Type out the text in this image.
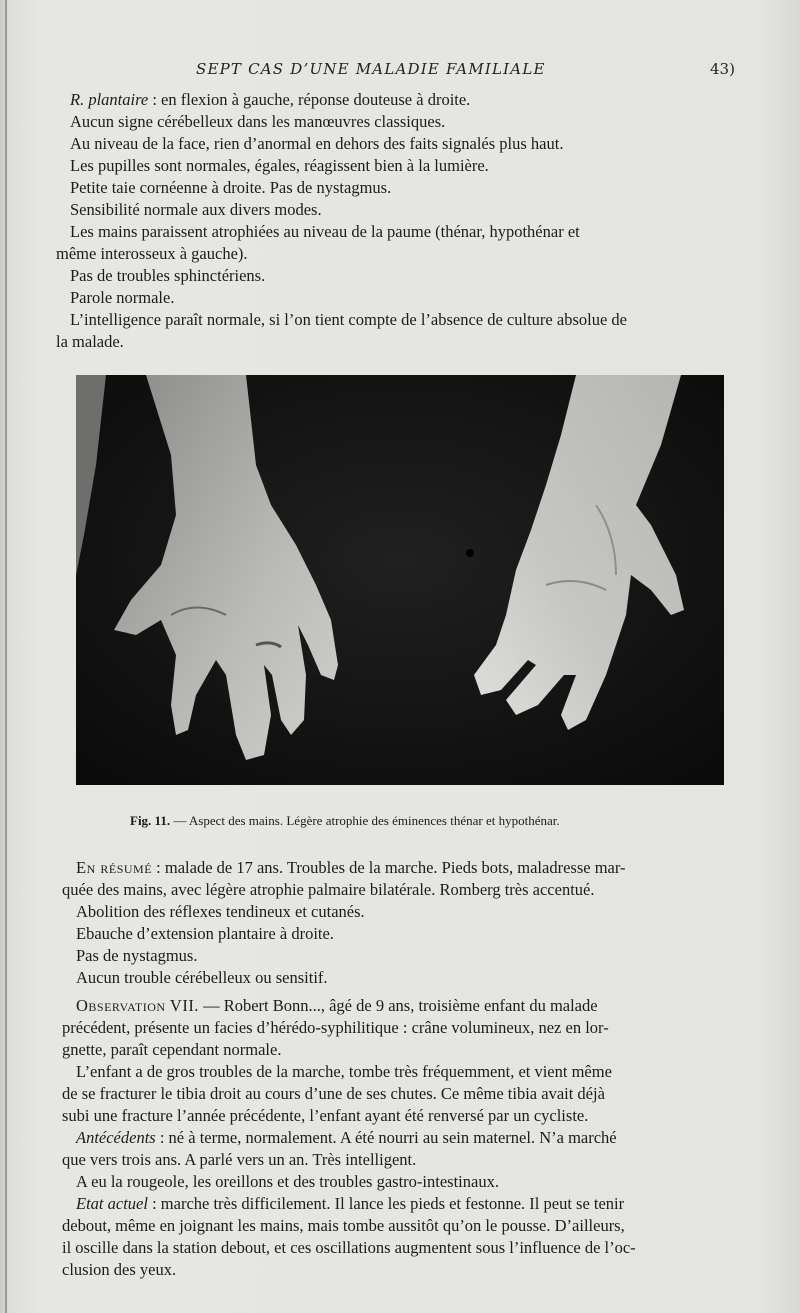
SEPT CAS D’UNE MALADIE FAMILIALE	43)
R. plantaire : en flexion à gauche, réponse douteuse à droite.
Aucun signe cérébelleux dans les manœuvres classiques.
Au niveau de la face, rien d’anormal en dehors des faits signalés plus haut.
Les pupilles sont normales, égales, réagissent bien à la lumière.
Petite taie cornéenne à droite. Pas de nystagmus.
Sensibilité normale aux divers modes.
Les mains paraissent atrophiées au niveau de la paume (thénar, hypothénar et
même interosseux à gauche).
Pas de troubles sphinctériens.
Parole normale.
L’intelligence paraît normale, si l’on tient compte de l’absence de culture absolue de
la malade.
Fig. 11. — Aspect des mains. Légère atrophie des éminences thénar et hypothénar.
En résumé : malade de 17 ans. Troubles de la marche. Pieds bots, maladresse mar-
quée des mains, avec légère atrophie palmaire bilatérale. Romberg très accentué.
Abolition des réflexes tendineux et cutanés.
Ebauche d’extension plantaire à droite.
Pas de nystagmus.
Aucun trouble cérébelleux ou sensitif.
Observation VII. — Robert Bonn..., âgé de 9 ans, troisième enfant du malade
précédent, présente un facies d’hérédo-syphilitique : crâne volumineux, nez en lor-
gnette, paraît cependant normale.
L’enfant a de gros troubles de la marche, tombe très fréquemment, et vient même
de se fracturer le tibia droit au cours d’une de ses chutes. Ce même tibia avait déjà
subi une fracture l’année précédente, l’enfant ayant été renversé par un cycliste.
Antécédents : né à terme, normalement. A été nourri au sein maternel. N’a marché
que vers trois ans. A parlé vers un an. Très intelligent.
A eu la rougeole, les oreillons et des troubles gastro-intestinaux.
Etat actuel : marche très difficilement. Il lance les pieds et festonne. Il peut se tenir
debout, même en joignant les mains, mais tombe aussitôt qu’on le pousse. D’ailleurs,
il oscille dans la station debout, et ces oscillations augmentent sous l’influence de l’oc-
clusion des yeux.
